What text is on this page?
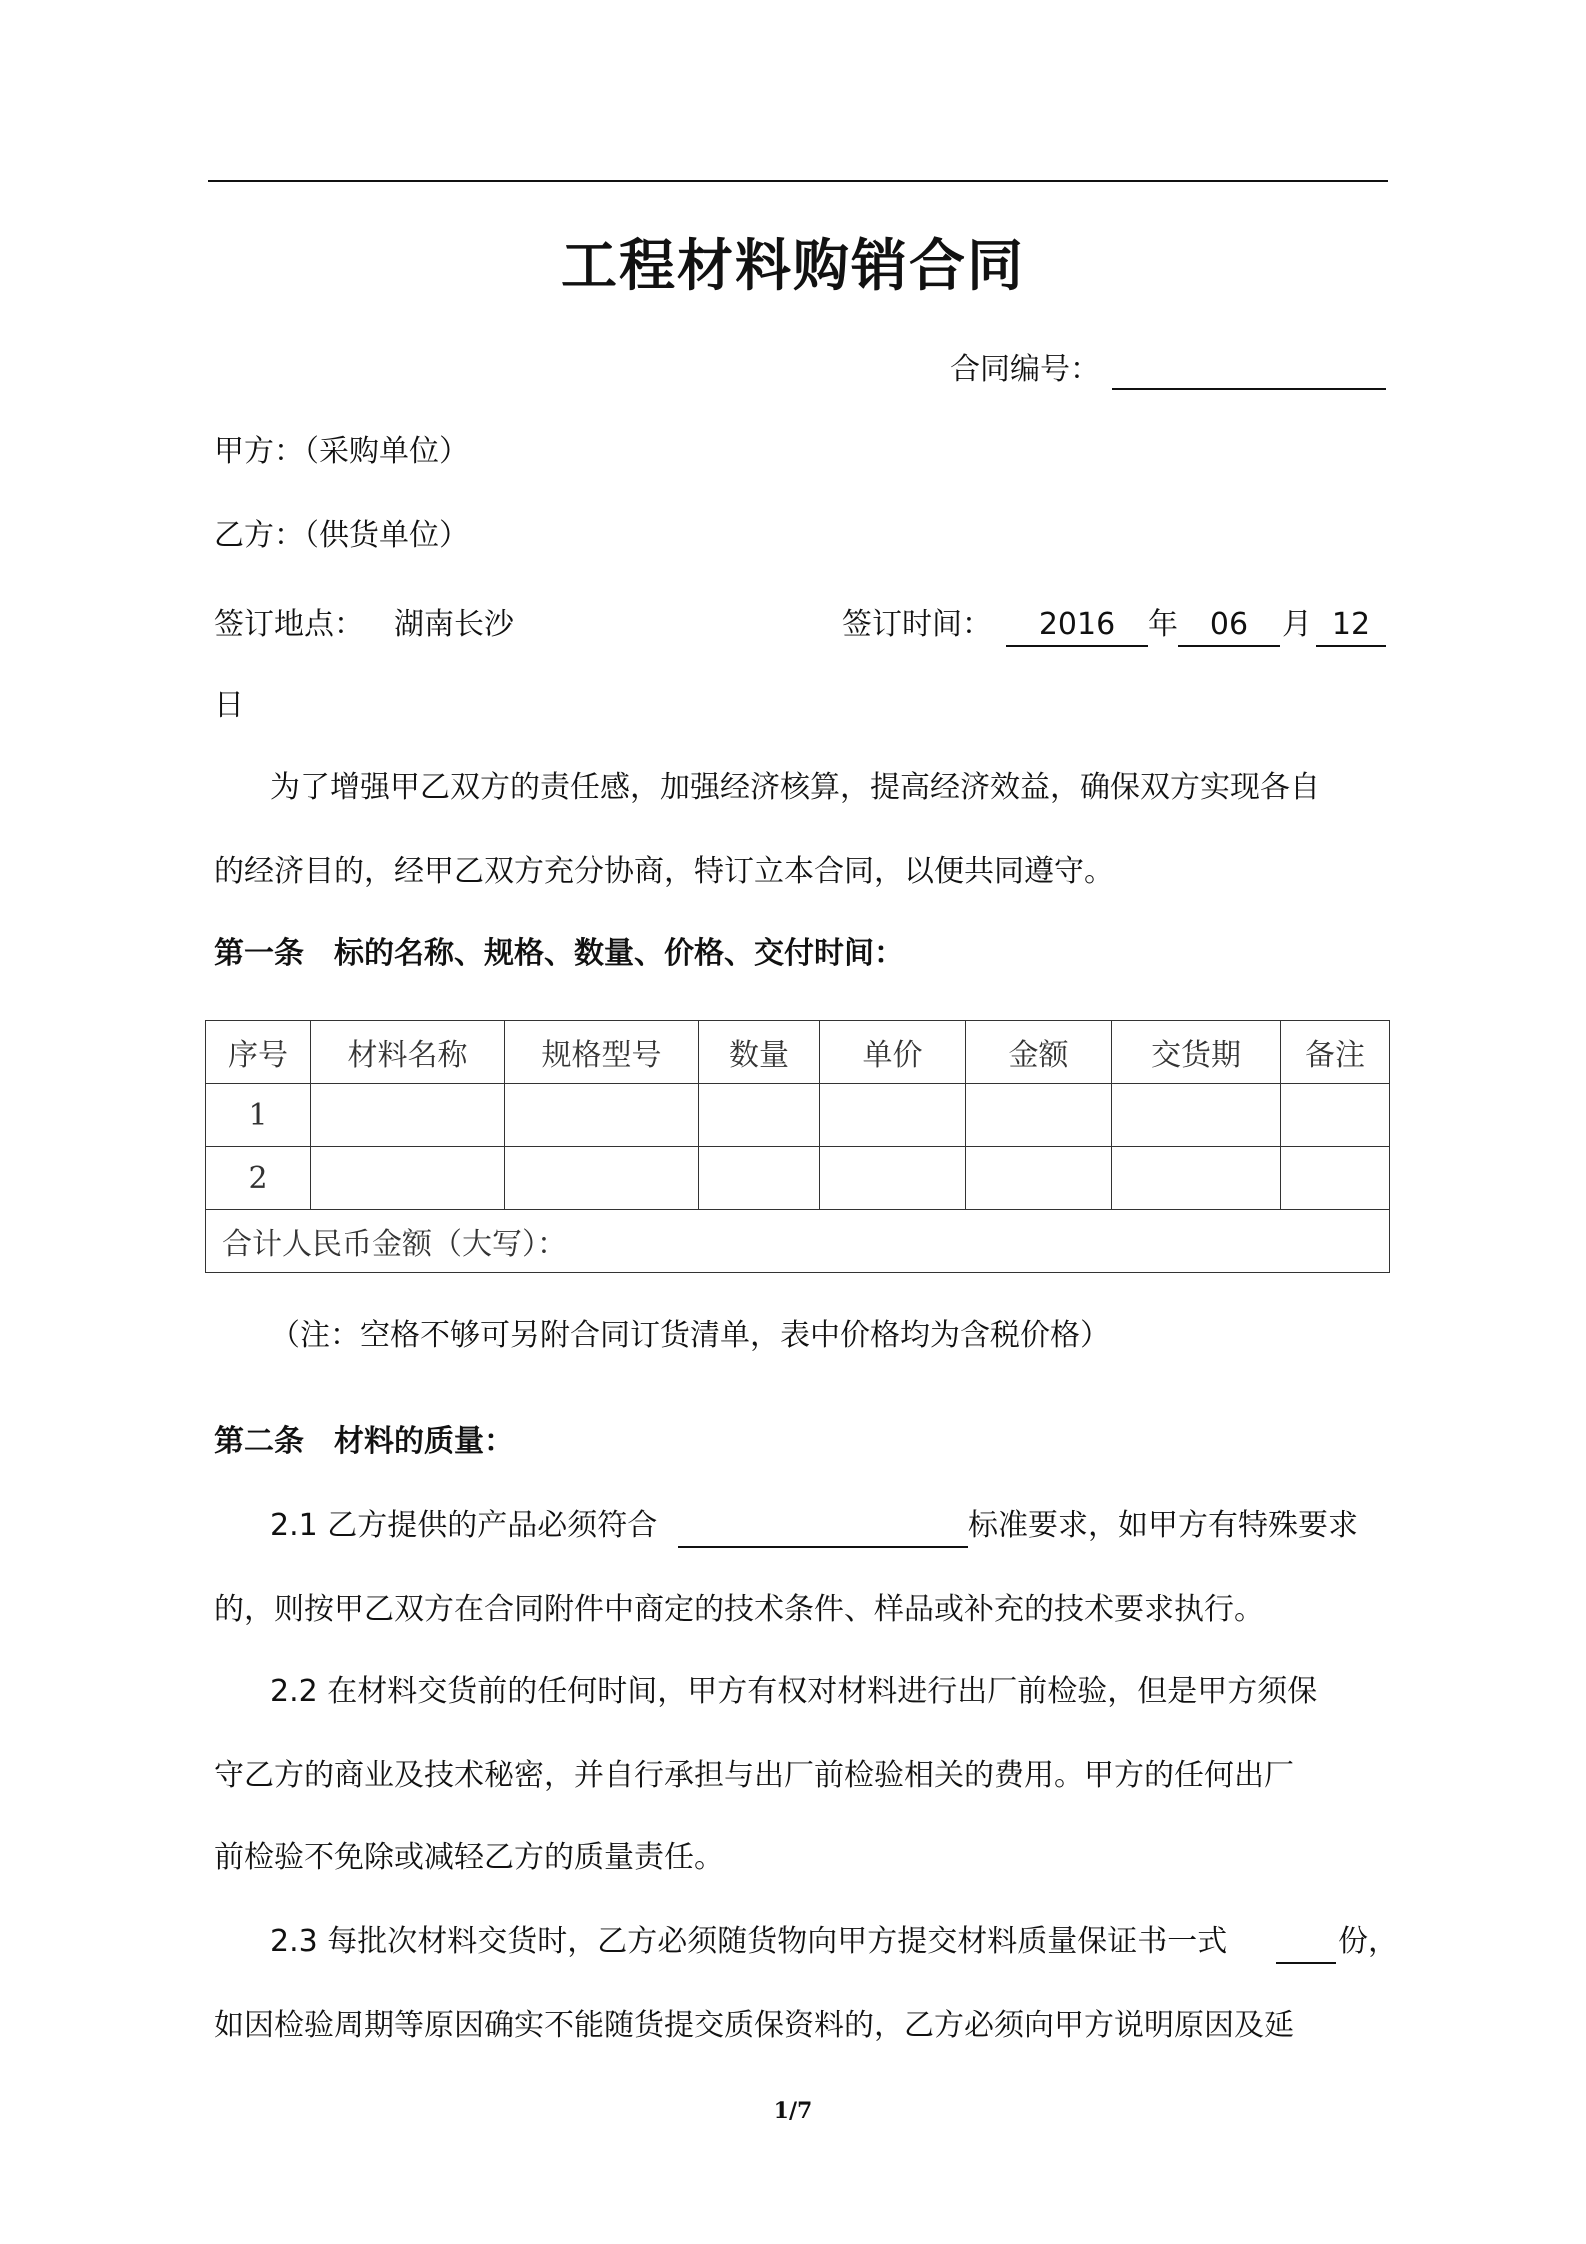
工程材料购销合同
合同编号：
甲方：（采购单位）
乙方：（供货单位）
签订地点： 湖南长沙	签订时间：	2016	年	06	月 12
日
为了增强甲乙双方的责任感，加强经济核算，提高经济效益，确保双方实现各自
的经济目的，经甲乙双方充分协商，特订立本合同，以便共同遵守。
第一条　标的名称、规格、数量、价格、交付时间：
序号	材料名称	规格型号	数量	单价	金额	交货期	备注
1							
2							
合计人民币金额（大写）：							
（注：空格不够可另附合同订货清单，表中价格均为含税价格）
第二条　材料的质量：
2.1 乙方提供的产品必须符合	标准要求，如甲方有特殊要求
的，则按甲乙双方在合同附件中商定的技术条件、样品或补充的技术要求执行。
2.2 在材料交货前的任何时间，甲方有权对材料进行出厂前检验，但是甲方须保
守乙方的商业及技术秘密，并自行承担与出厂前检验相关的费用。甲方的任何出厂
前检验不免除或减轻乙方的质量责任。
2.3 每批次材料交货时，乙方必须随货物向甲方提交材料质量保证书一式	份，
如因检验周期等原因确实不能随货提交质保资料的，乙方必须向甲方说明原因及延
1/7
